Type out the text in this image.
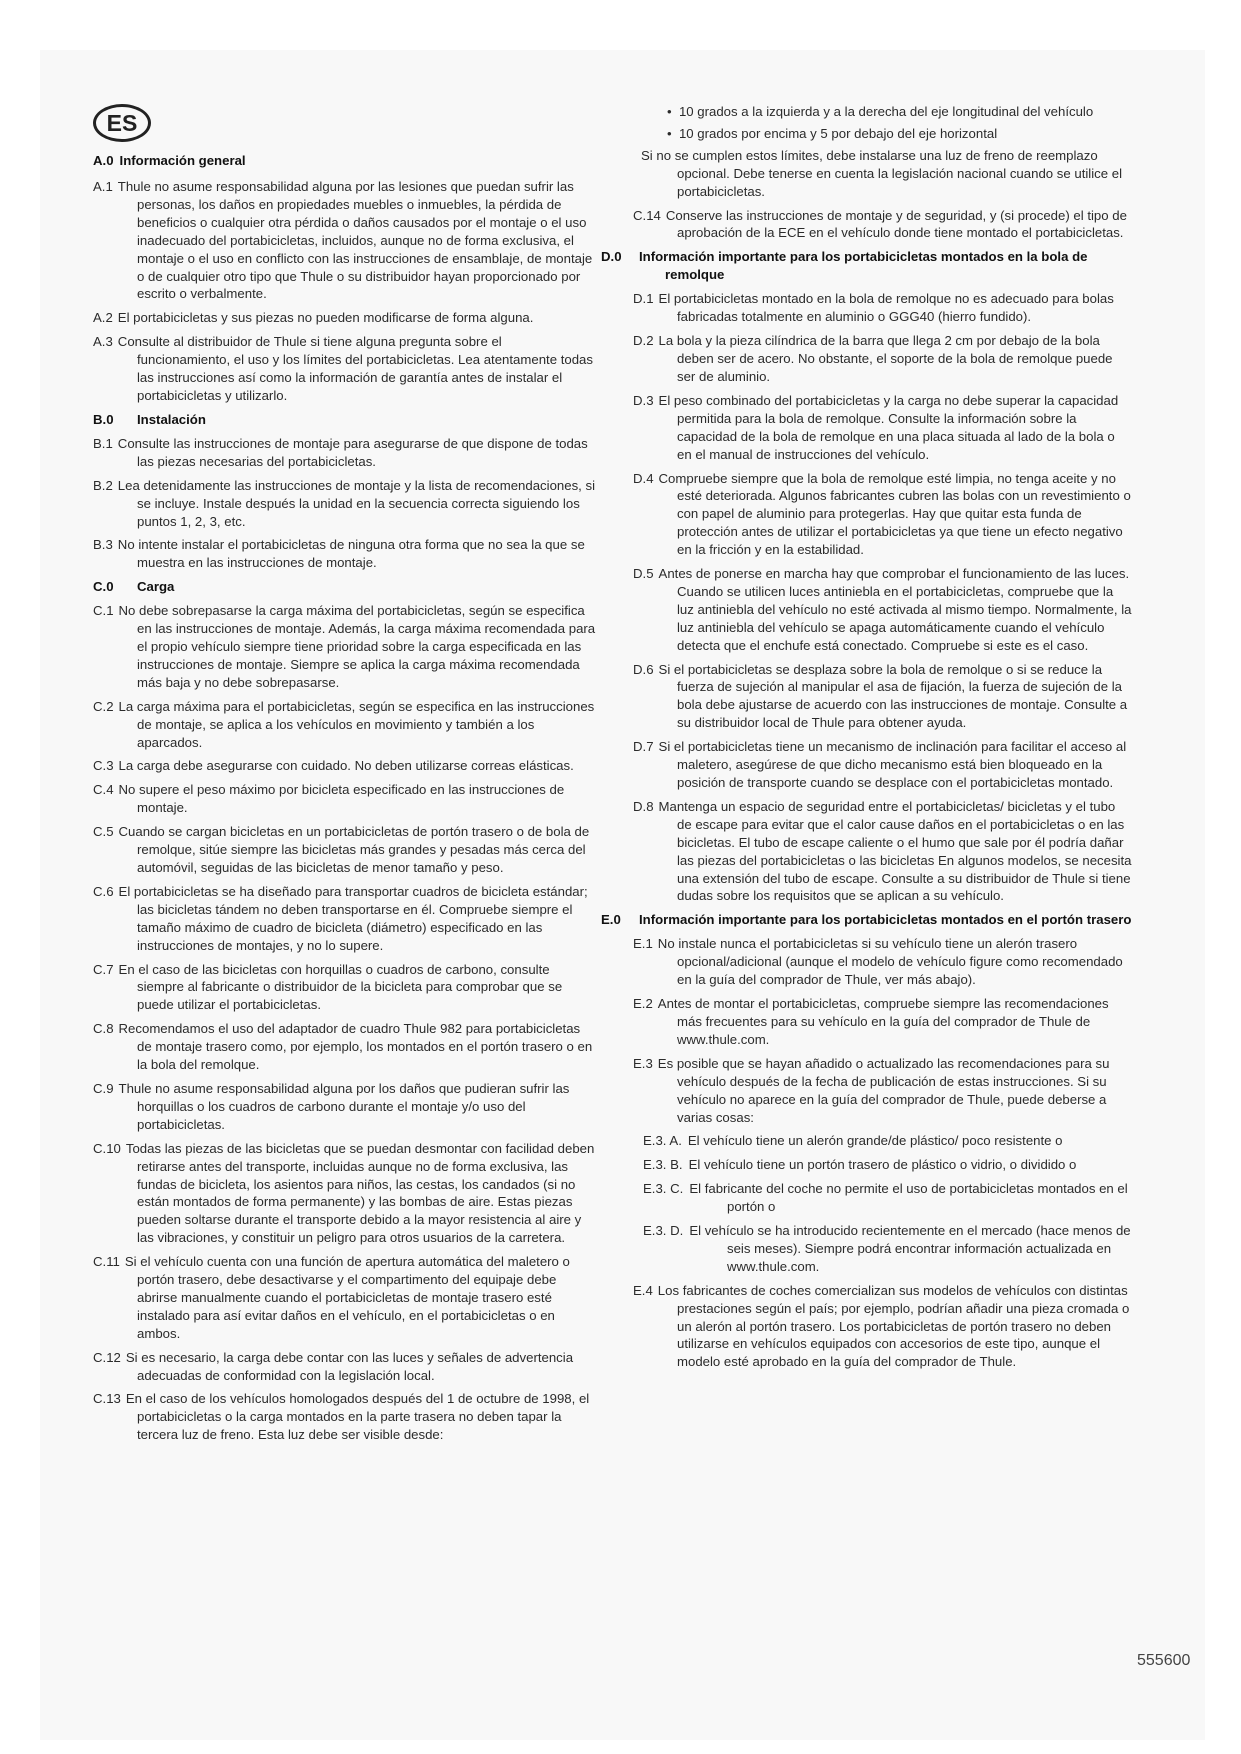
ES

A.0 Información general

A.1 Thule no asume responsabilidad alguna por las lesiones que puedan sufrir las personas, los daños en propiedades muebles o inmuebles, la pérdida de beneficios o cualquier otra pérdida o daños causados por el montaje o el uso inadecuado del portabicicletas, incluidos, aunque no de forma exclusiva, el montaje o el uso en conflicto con las instrucciones de ensamblaje, de montaje o de cualquier otro tipo que Thule o su distribuidor hayan proporcionado por escrito o verbalmente.

A.2 El portabicicletas y sus piezas no pueden modificarse de forma alguna.

A.3 Consulte al distribuidor de Thule si tiene alguna pregunta sobre el funcionamiento, el uso y los límites del portabicicletas. Lea atentamente todas las instrucciones así como la información de garantía antes de instalar el portabicicletas y utilizarlo.

B.0 Instalación

B.1 Consulte las instrucciones de montaje para asegurarse de que dispone de todas las piezas necesarias del portabicicletas.

B.2 Lea detenidamente las instrucciones de montaje y la lista de recomendaciones, si se incluye. Instale después la unidad en la secuencia correcta siguiendo los puntos 1, 2, 3, etc.

B.3 No intente instalar el portabicicletas de ninguna otra forma que no sea la que se muestra en las instrucciones de montaje.

C.0 Carga

C.1 No debe sobrepasarse la carga máxima del portabicicletas, según se especifica en las instrucciones de montaje. Además, la carga máxima recomendada para el propio vehículo siempre tiene prioridad sobre la carga especificada en las instrucciones de montaje. Siempre se aplica la carga máxima recomendada más baja y no debe sobrepasarse.

C.2 La carga máxima para el portabicicletas, según se especifica en las instrucciones de montaje, se aplica a los vehículos en movimiento y también a los aparcados.

C.3 La carga debe asegurarse con cuidado. No deben utilizarse correas elásticas.

C.4 No supere el peso máximo por bicicleta especificado en las instrucciones de montaje.

C.5 Cuando se cargan bicicletas en un portabicicletas de portón trasero o de bola de remolque, sitúe siempre las bicicletas más grandes y pesadas más cerca del automóvil, seguidas de las bicicletas de menor tamaño y peso.

C.6 El portabicicletas se ha diseñado para transportar cuadros de bicicleta estándar; las bicicletas tándem no deben transportarse en él. Compruebe siempre el tamaño máximo de cuadro de bicicleta (diámetro) especificado en las instrucciones de montajes, y no lo supere.

C.7 En el caso de las bicicletas con horquillas o cuadros de carbono, consulte siempre al fabricante o distribuidor de la bicicleta para comprobar que se puede utilizar el portabicicletas.

C.8 Recomendamos el uso del adaptador de cuadro Thule 982 para portabicicletas de montaje trasero como, por ejemplo, los montados en el portón trasero o en la bola del remolque.

C.9 Thule no asume responsabilidad alguna por los daños que pudieran sufrir las horquillas o los cuadros de carbono durante el montaje y/o uso del portabicicletas.

C.10 Todas las piezas de las bicicletas que se puedan desmontar con facilidad deben retirarse antes del transporte, incluidas aunque no de forma exclusiva, las fundas de bicicleta, los asientos para niños, las cestas, los candados (si no están montados de forma permanente) y las bombas de aire. Estas piezas pueden soltarse durante el transporte debido a la mayor resistencia al aire y las vibraciones, y constituir un peligro para otros usuarios de la carretera.

C.11 Si el vehículo cuenta con una función de apertura automática del maletero o portón trasero, debe desactivarse y el compartimento del equipaje debe abrirse manualmente cuando el portabicicletas de montaje trasero esté instalado para así evitar daños en el vehículo, en el portabicicletas o en ambos.

C.12 Si es necesario, la carga debe contar con las luces y señales de advertencia adecuadas de conformidad con la legislación local.

C.13 En el caso de los vehículos homologados después del 1 de octubre de 1998, el portabicicletas o la carga montados en la parte trasera no deben tapar la tercera luz de freno. Esta luz debe ser visible desde:

•  10 grados a la izquierda y a la derecha del eje longitudinal del vehículo

•  10 grados por encima y 5 por debajo del eje horizontal

Si no se cumplen estos límites, debe instalarse una luz de freno de reemplazo opcional. Debe tenerse en cuenta la legislación nacional cuando se utilice el portabicicletas.

C.14 Conserve las instrucciones de montaje y de seguridad, y (si procede) el tipo de aprobación de la ECE en el vehículo donde tiene montado el portabicicletas.

Información importante para los portabicicletas montados en la bola de remolque

D.1 El portabicicletas montado en la bola de remolque no es adecuado para bolas fabricadas totalmente en aluminio o GGG40 (hierro fundido).

D.2 La bola y la pieza cilíndrica de la barra que llega 2 cm por debajo de la bola deben ser de acero. No obstante, el soporte de la bola de remolque puede ser de aluminio.

D.3 El peso combinado del portabicicletas y la carga no debe superar la capacidad permitida para la bola de remolque. Consulte la información sobre la capacidad de la bola de remolque en una placa situada al lado de la bola o en el manual de instrucciones del vehículo.

D.4 Compruebe siempre que la bola de remolque esté limpia, no tenga aceite y no esté deteriorada. Algunos fabricantes cubren las bolas con un revestimiento o con papel de aluminio para protegerlas. Hay que quitar esta funda de protección antes de utilizar el portabicicletas ya que tiene un efecto negativo en la fricción y en la estabilidad.

D.5 Antes de ponerse en marcha hay que comprobar el funcionamiento de las luces. Cuando se utilicen luces antiniebla en el portabicicletas, compruebe que la luz antiniebla del vehículo no esté activada al mismo tiempo. Normalmente, la luz antiniebla del vehículo se apaga automáticamente cuando el vehículo detecta que el enchufe está conectado. Compruebe si este es el caso.

D.6 Si el portabicicletas se desplaza sobre la bola de remolque o si se reduce la fuerza de sujeción al manipular el asa de fijación, la fuerza de sujeción de la bola debe ajustarse de acuerdo con las instrucciones de montaje. Consulte a su distribuidor local de Thule para obtener ayuda.

D.7 Si el portabicicletas tiene un mecanismo de inclinación para facilitar el acceso al maletero, asegúrese de que dicho mecanismo está bien bloqueado en la posición de transporte cuando se desplace con el portabicicletas montado.

D.8 Mantenga un espacio de seguridad entre el portabicicletas/ bicicletas y el tubo de escape para evitar que el calor cause daños en el portabicicletas o en las bicicletas. El tubo de escape caliente o el humo que sale por él podría dañar las piezas del portabicicletas o las bicicletas En algunos modelos, se necesita una extensión del tubo de escape. Consulte a su distribuidor de Thule si tiene dudas sobre los requisitos que se aplican a su vehículo.

Información importante para los portabicicletas montados en el portón trasero

E.1 No instale nunca el portabicicletas si su vehículo tiene un alerón trasero opcional/adicional (aunque el modelo de vehículo figure como recomendado en la guía del comprador de Thule, ver más abajo).

E.2 Antes de montar el portabicicletas, compruebe siempre las recomendaciones más frecuentes para su vehículo en la guía del comprador de Thule de www.thule.com.

E.3 Es posible que se hayan añadido o actualizado las recomendaciones para su vehículo después de la fecha de publicación de estas instrucciones. Si su vehículo no aparece en la guía del comprador de Thule, puede deberse a varias cosas:

E.3. A. El vehículo tiene un alerón grande/de plástico/ poco resistente o

E.3. B. El vehículo tiene un portón trasero de plástico o vidrio, o dividido o

E.3. C. El fabricante del coche no permite el uso de portabicicletas montados en el portón o

E.3. D. El vehículo se ha introducido recientemente en el mercado (hace menos de seis meses). Siempre podrá encontrar información actualizada en www.thule.com.

E.4 Los fabricantes de coches comercializan sus modelos de vehículos con distintas prestaciones según el país; por ejemplo, podrían añadir una pieza cromada o un alerón al portón trasero. Los portabicicletas de portón trasero no deben utilizarse en vehículos equipados con accesorios de este tipo, aunque el modelo esté aprobado en la guía del comprador de Thule.

555600
